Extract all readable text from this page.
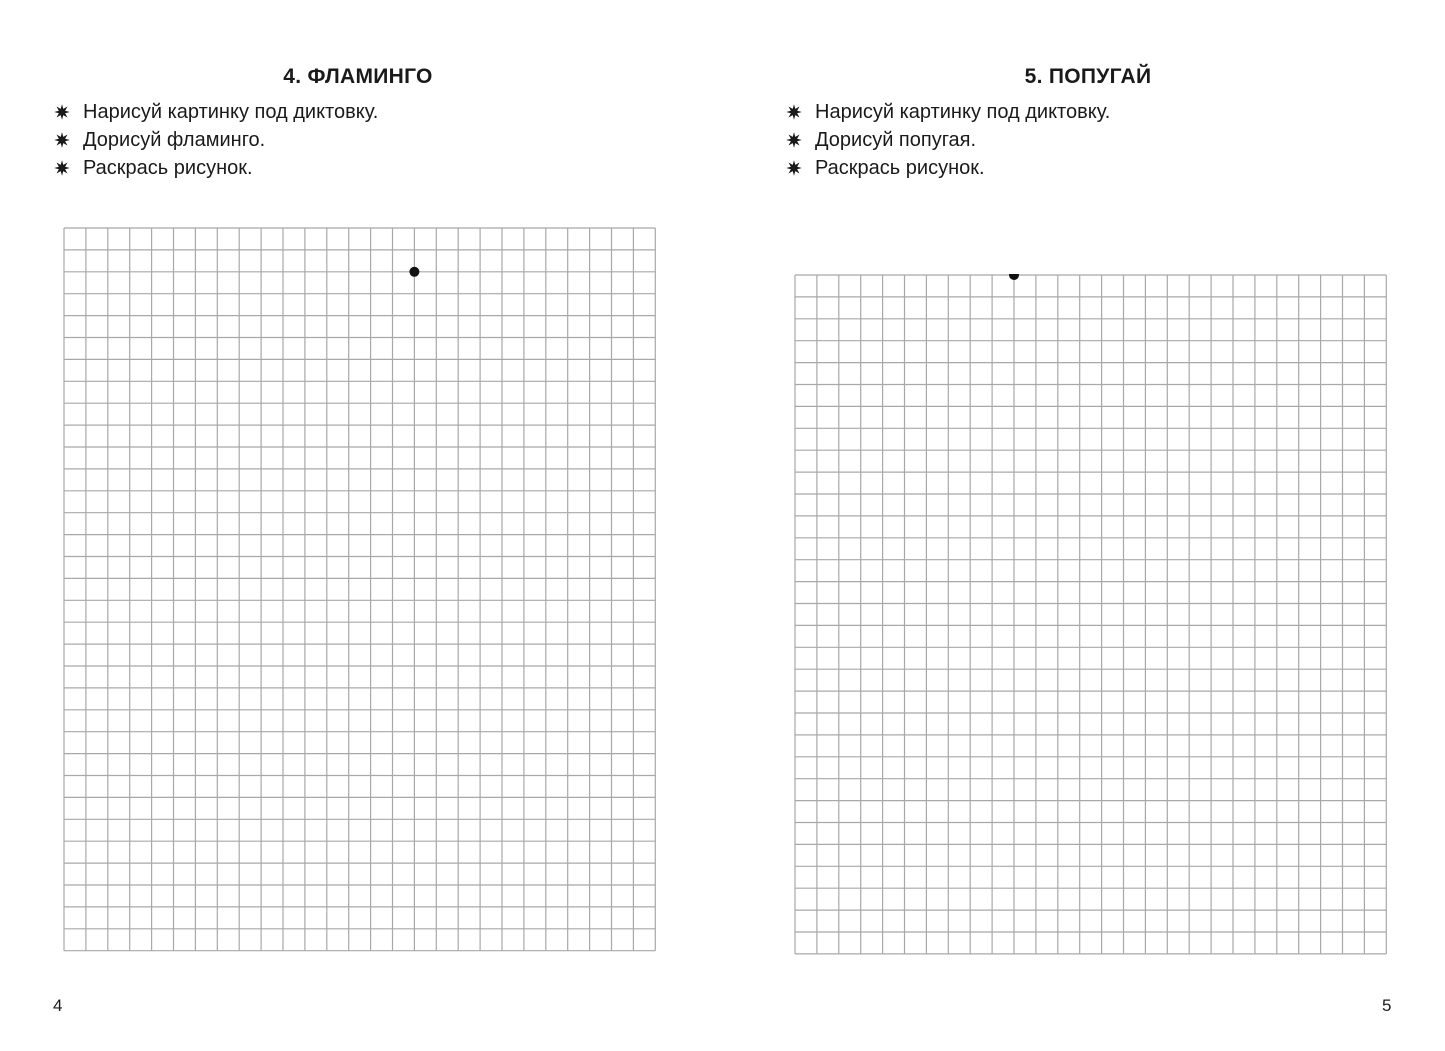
4. ФЛАМИНГО
Нарисуй картинку под диктовку.
Дорисуй фламинго.
Раскрась рисунок.
4
5. ПОПУГАЙ
Нарисуй картинку под диктовку.
Дорисуй попугая.
Раскрась рисунок.
5
